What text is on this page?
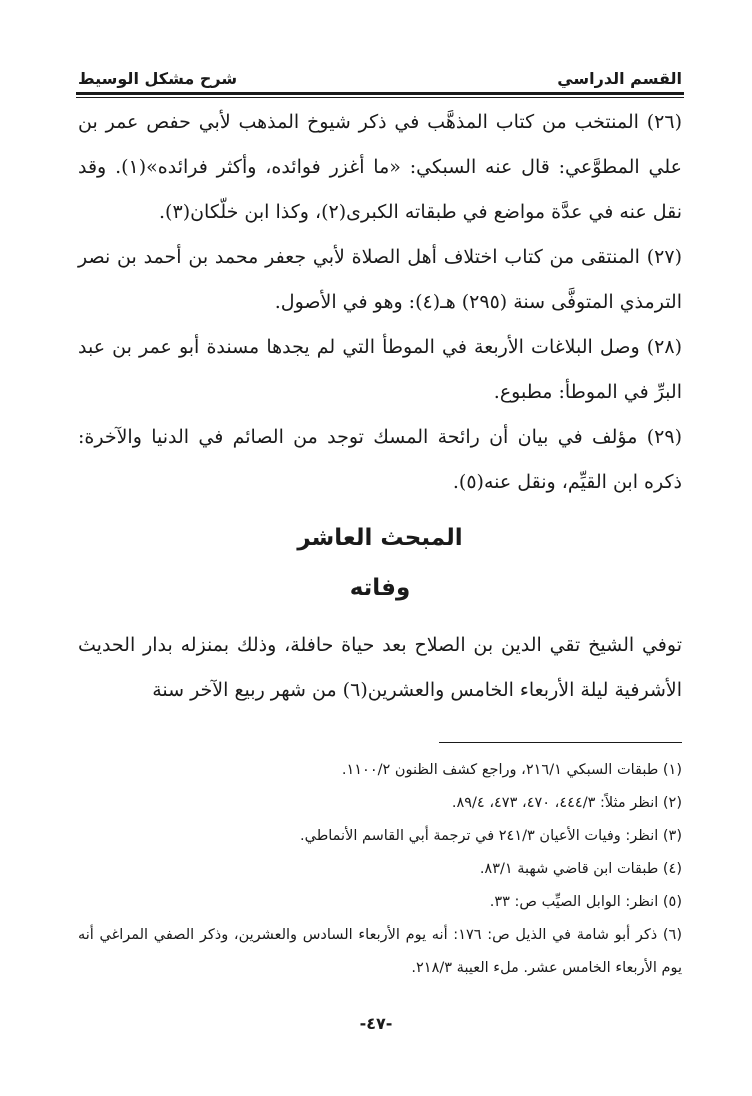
القسم الدراسي
شرح مشكل الوسيط

(٢٦) المنتخب من كتاب المذهَّب في ذكر شيوخ المذهب لأبي حفص عمر بن علي المطوَّعي: قال عنه السبكي: «ما أغزر فوائده، وأكثر فرائده»(١). وقد نقل عنه في عدَّة مواضع في طبقاته الكبرى(٢)، وكذا ابن خلّكان(٣).

(٢٧) المنتقى من كتاب اختلاف أهل الصلاة لأبي جعفر محمد بن أحمد بن نصر الترمذي المتوفَّى سنة (٢٩٥) هـ(٤): وهو في الأصول.

(٢٨) وصل البلاغات الأربعة في الموطأ التي لم يجدها مسندة أبو عمر بن عبد البرِّ في الموطأ: مطبوع.

(٢٩) مؤلف في بيان أن رائحة المسك توجد من الصائم في الدنيا والآخرة: ذكره ابن القيِّم، ونقل عنه(٥).

المبحث العاشر
وفاته

توفي الشيخ تقي الدين بن الصلاح بعد حياة حافلة، وذلك بمنزله بدار الحديث الأشرفية ليلة الأربعاء الخامس والعشرين(٦) من شهر ربيع الآخر سنة

(١) طبقات السبكي ٢١٦/١، وراجع كشف الظنون ١١٠٠/٢.

(٢) انظر مثلاً: ٤٤٤/٣، ٤٧٠، ٤٧٣، ٨٩/٤.

(٣) انظر: وفيات الأعيان ٢٤١/٣ في ترجمة أبي القاسم الأنماطي.

(٤) طبقات ابن قاضي شهبة ٨٣/١.

(٥) انظر: الوابل الصيِّب ص: ٣٣.

(٦) ذكر أبو شامة في الذيل ص: ١٧٦: أنه يوم الأربعاء السادس والعشرين، وذكر الصفي المراغي أنه يوم الأربعاء الخامس عشر. ملء العيبة ٢١٨/٣.

-٤٧-
